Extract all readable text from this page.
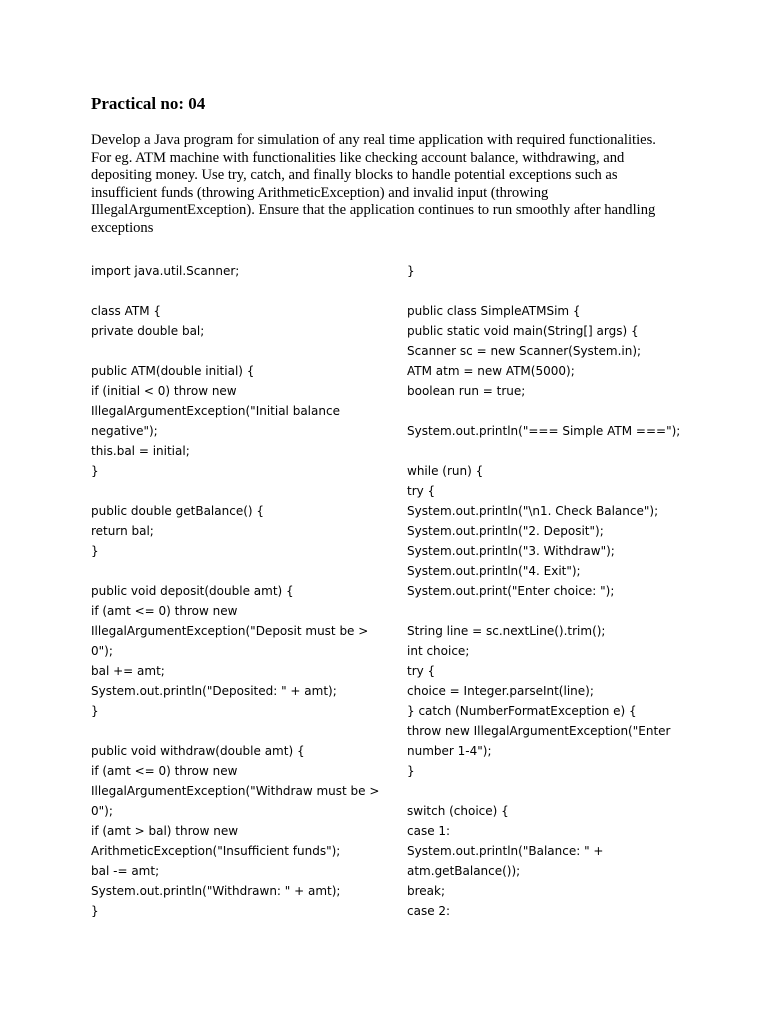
Practical no: 04
Develop a Java program for simulation of any real time application with required functionalities.
For eg. ATM machine with functionalities like checking account balance, withdrawing, and
depositing money. Use try, catch, and finally blocks to handle potential exceptions such as
insufficient funds (throwing ArithmeticException) and invalid input (throwing
IllegalArgumentException). Ensure that the application continues to run smoothly after handling
exceptions
import java.util.Scanner;
class ATM {
private double bal;
public ATM(double initial) {
if (initial < 0) throw new
IllegalArgumentException("Initial balance
negative");
this.bal = initial;
}
public double getBalance() {
return bal;
}
public void deposit(double amt) {
if (amt <= 0) throw new
IllegalArgumentException("Deposit must be >
0");
bal += amt;
System.out.println("Deposited: " + amt);
}
public void withdraw(double amt) {
if (amt <= 0) throw new
IllegalArgumentException("Withdraw must be >
0");
if (amt > bal) throw new
ArithmeticException("Insufficient funds");
bal -= amt;
System.out.println("Withdrawn: " + amt);
}
}
public class SimpleATMSim {
public static void main(String[] args) {
Scanner sc = new Scanner(System.in);
ATM atm = new ATM(5000);
boolean run = true;
System.out.println("=== Simple ATM ===");
while (run) {
try {
System.out.println("\n1. Check Balance");
System.out.println("2. Deposit");
System.out.println("3. Withdraw");
System.out.println("4. Exit");
System.out.print("Enter choice: ");
String line = sc.nextLine().trim();
int choice;
try {
choice = Integer.parseInt(line);
} catch (NumberFormatException e) {
throw new IllegalArgumentException("Enter
number 1-4");
}
switch (choice) {
case 1:
System.out.println("Balance: " +
atm.getBalance());
break;
case 2:
